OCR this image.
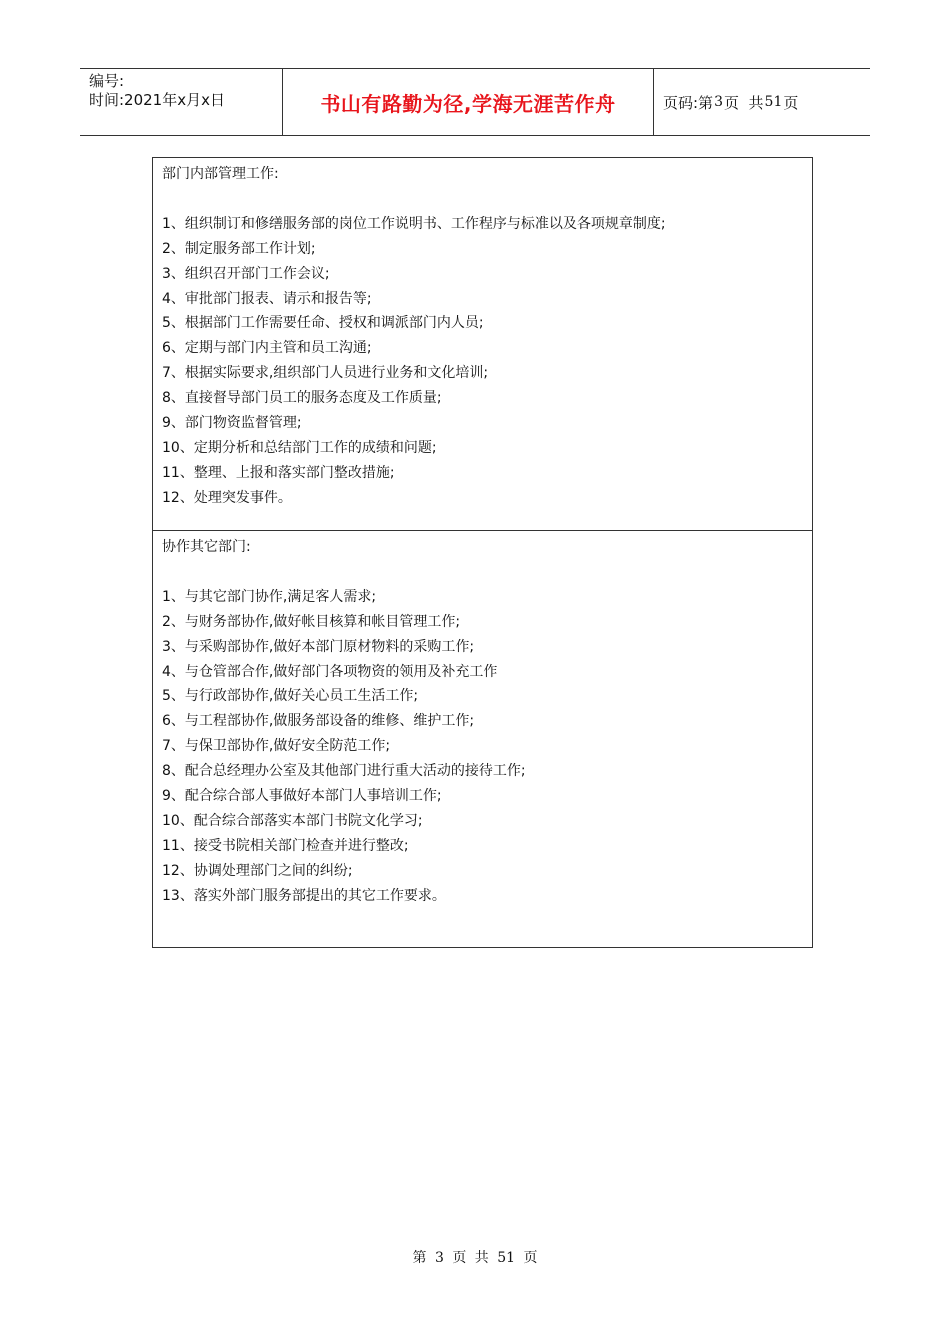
编号:
时间:2021年x月x日	书山有路勤为径,学海无涯苦作舟	页码:第 3 页  共 51 页
部门内部管理工作:
1、组织制订和修缮服务部的岗位工作说明书、工作程序与标准以及各项规章制度;
2、制定服务部工作计划;
3、组织召开部门工作会议;
4、审批部门报表、请示和报告等;
5、根据部门工作需要任命、授权和调派部门内人员;
6、定期与部门内主管和员工沟通;
7、根据实际要求,组织部门人员进行业务和文化培训;
8、直接督导部门员工的服务态度及工作质量;
9、部门物资监督管理;
10、定期分析和总结部门工作的成绩和问题;
11、整理、上报和落实部门整改措施;
12、处理突发事件。
协作其它部门:
1、与其它部门协作,满足客人需求;
2、与财务部协作,做好帐目核算和帐目管理工作;
3、与采购部协作,做好本部门原材物料的采购工作;
4、与仓管部合作,做好部门各项物资的领用及补充工作
5、与行政部协作,做好关心员工生活工作;
6、与工程部协作,做服务部设备的维修、维护工作;
7、与保卫部协作,做好安全防范工作;
8、配合总经理办公室及其他部门进行重大活动的接待工作;
9、配合综合部人事做好本部门人事培训工作;
10、配合综合部落实本部门书院文化学习;
11、接受书院相关部门检查并进行整改;
12、协调处理部门之间的纠纷;
13、落实外部门服务部提出的其它工作要求。
第 3 页 共 51 页
